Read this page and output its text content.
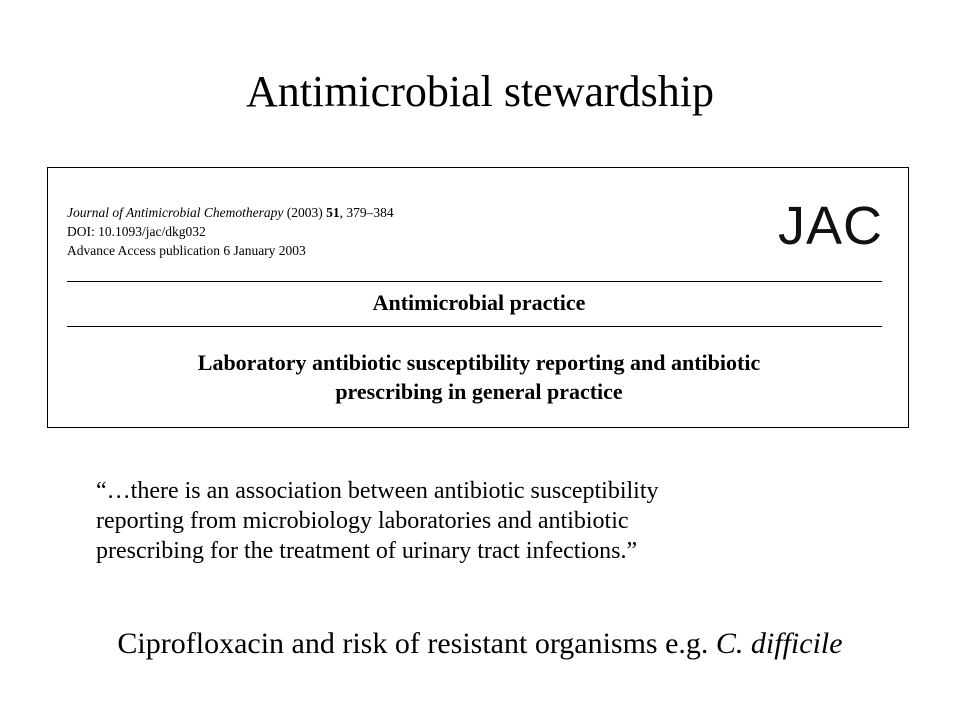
Antimicrobial stewardship
Journal of Antimicrobial Chemotherapy (2003) 51, 379–384
DOI: 10.1093/jac/dkg032
Advance Access publication 6 January 2003	JAC
Antimicrobial practice
Laboratory antibiotic susceptibility reporting and antibiotic
prescribing in general practice
“…there is an association between antibiotic susceptibility
reporting from microbiology laboratories and antibiotic
prescribing for the treatment of urinary tract infections.”
Ciprofloxacin and risk of resistant organisms e.g. C. difficile
